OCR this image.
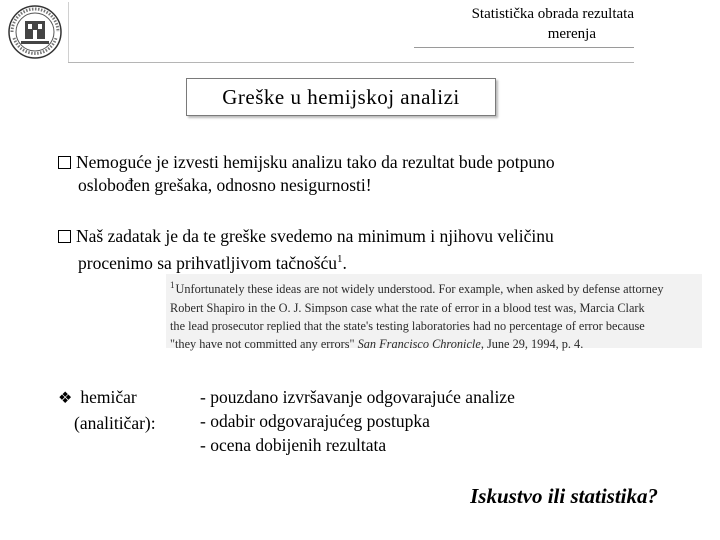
Statistička obrada rezultata
merenja
Greške u hemijskoj analizi
Nemoguće je izvesti hemijsku analizu tako da rezultat bude potpuno
oslobođen grešaka, odnosno nesigurnosti!
Naš zadatak je da te greške svedemo na minimum i njihovu veličinu
procenimo sa prihvatljivom tačnošću$^1$.
$^1$Unfortunately these ideas are not widely understood. For example, when asked by defense attorney
Robert Shapiro in the O. J. Simpson case what the rate of error in a blood test was, Marcia Clark
the lead prosecutor replied that the state's testing laboratories had no percentage of error because
"they have not committed any errors" San Francisco Chronicle, June 29, 1994, p. 4.
❖ hemičar
(analitičar):
- pouzdano izvršavanje odgovarajuće analize
- odabir odgovarajućeg postupka
- ocena dobijenih rezultata
Iskustvo ili statistika?
